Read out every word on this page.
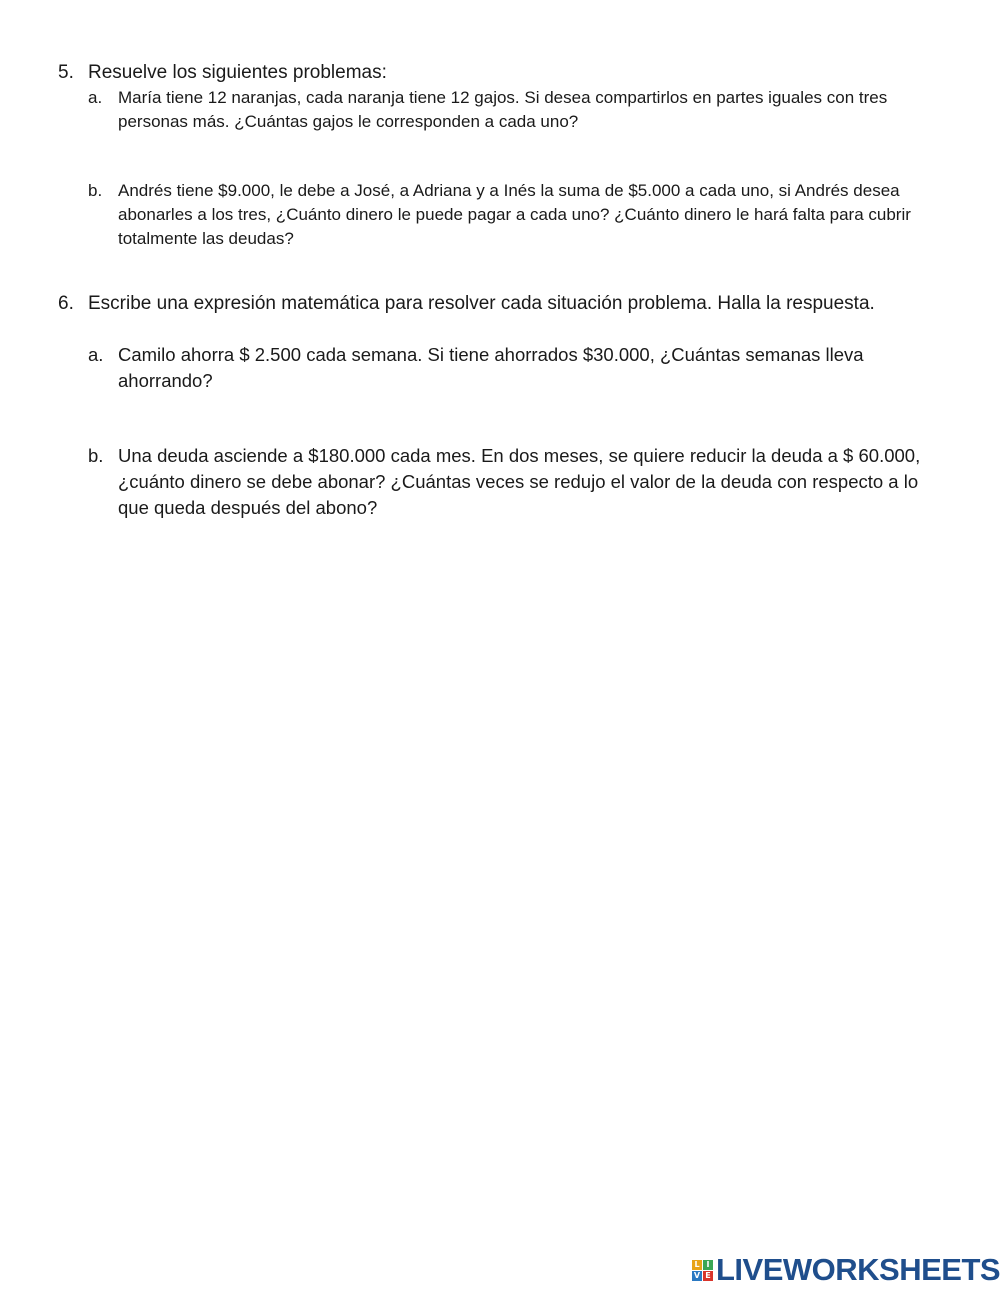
5. Resuelve los siguientes problemas:
a. María tiene 12 naranjas, cada naranja tiene 12 gajos. Si desea compartirlos en partes iguales con tres personas más. ¿Cuántas gajos le corresponden a cada uno?
b. Andrés tiene $9.000, le debe a José, a Adriana y a Inés la suma de $5.000 a cada uno, si Andrés desea abonarles a los tres, ¿Cuánto dinero le puede pagar a cada uno? ¿Cuánto dinero le hará falta para cubrir totalmente las deudas?
6. Escribe una expresión matemática para resolver cada situación problema. Halla la respuesta.
a. Camilo ahorra $ 2.500 cada semana. Si tiene ahorrados $30.000, ¿Cuántas semanas lleva ahorrando?
b. Una deuda asciende a $180.000 cada mes. En dos meses, se quiere reducir la deuda a $ 60.000, ¿cuánto dinero se debe abonar? ¿Cuántas veces se redujo el valor de la deuda con respecto a lo que queda después del abono?
L I
V E LIVEWORKSHEETS
